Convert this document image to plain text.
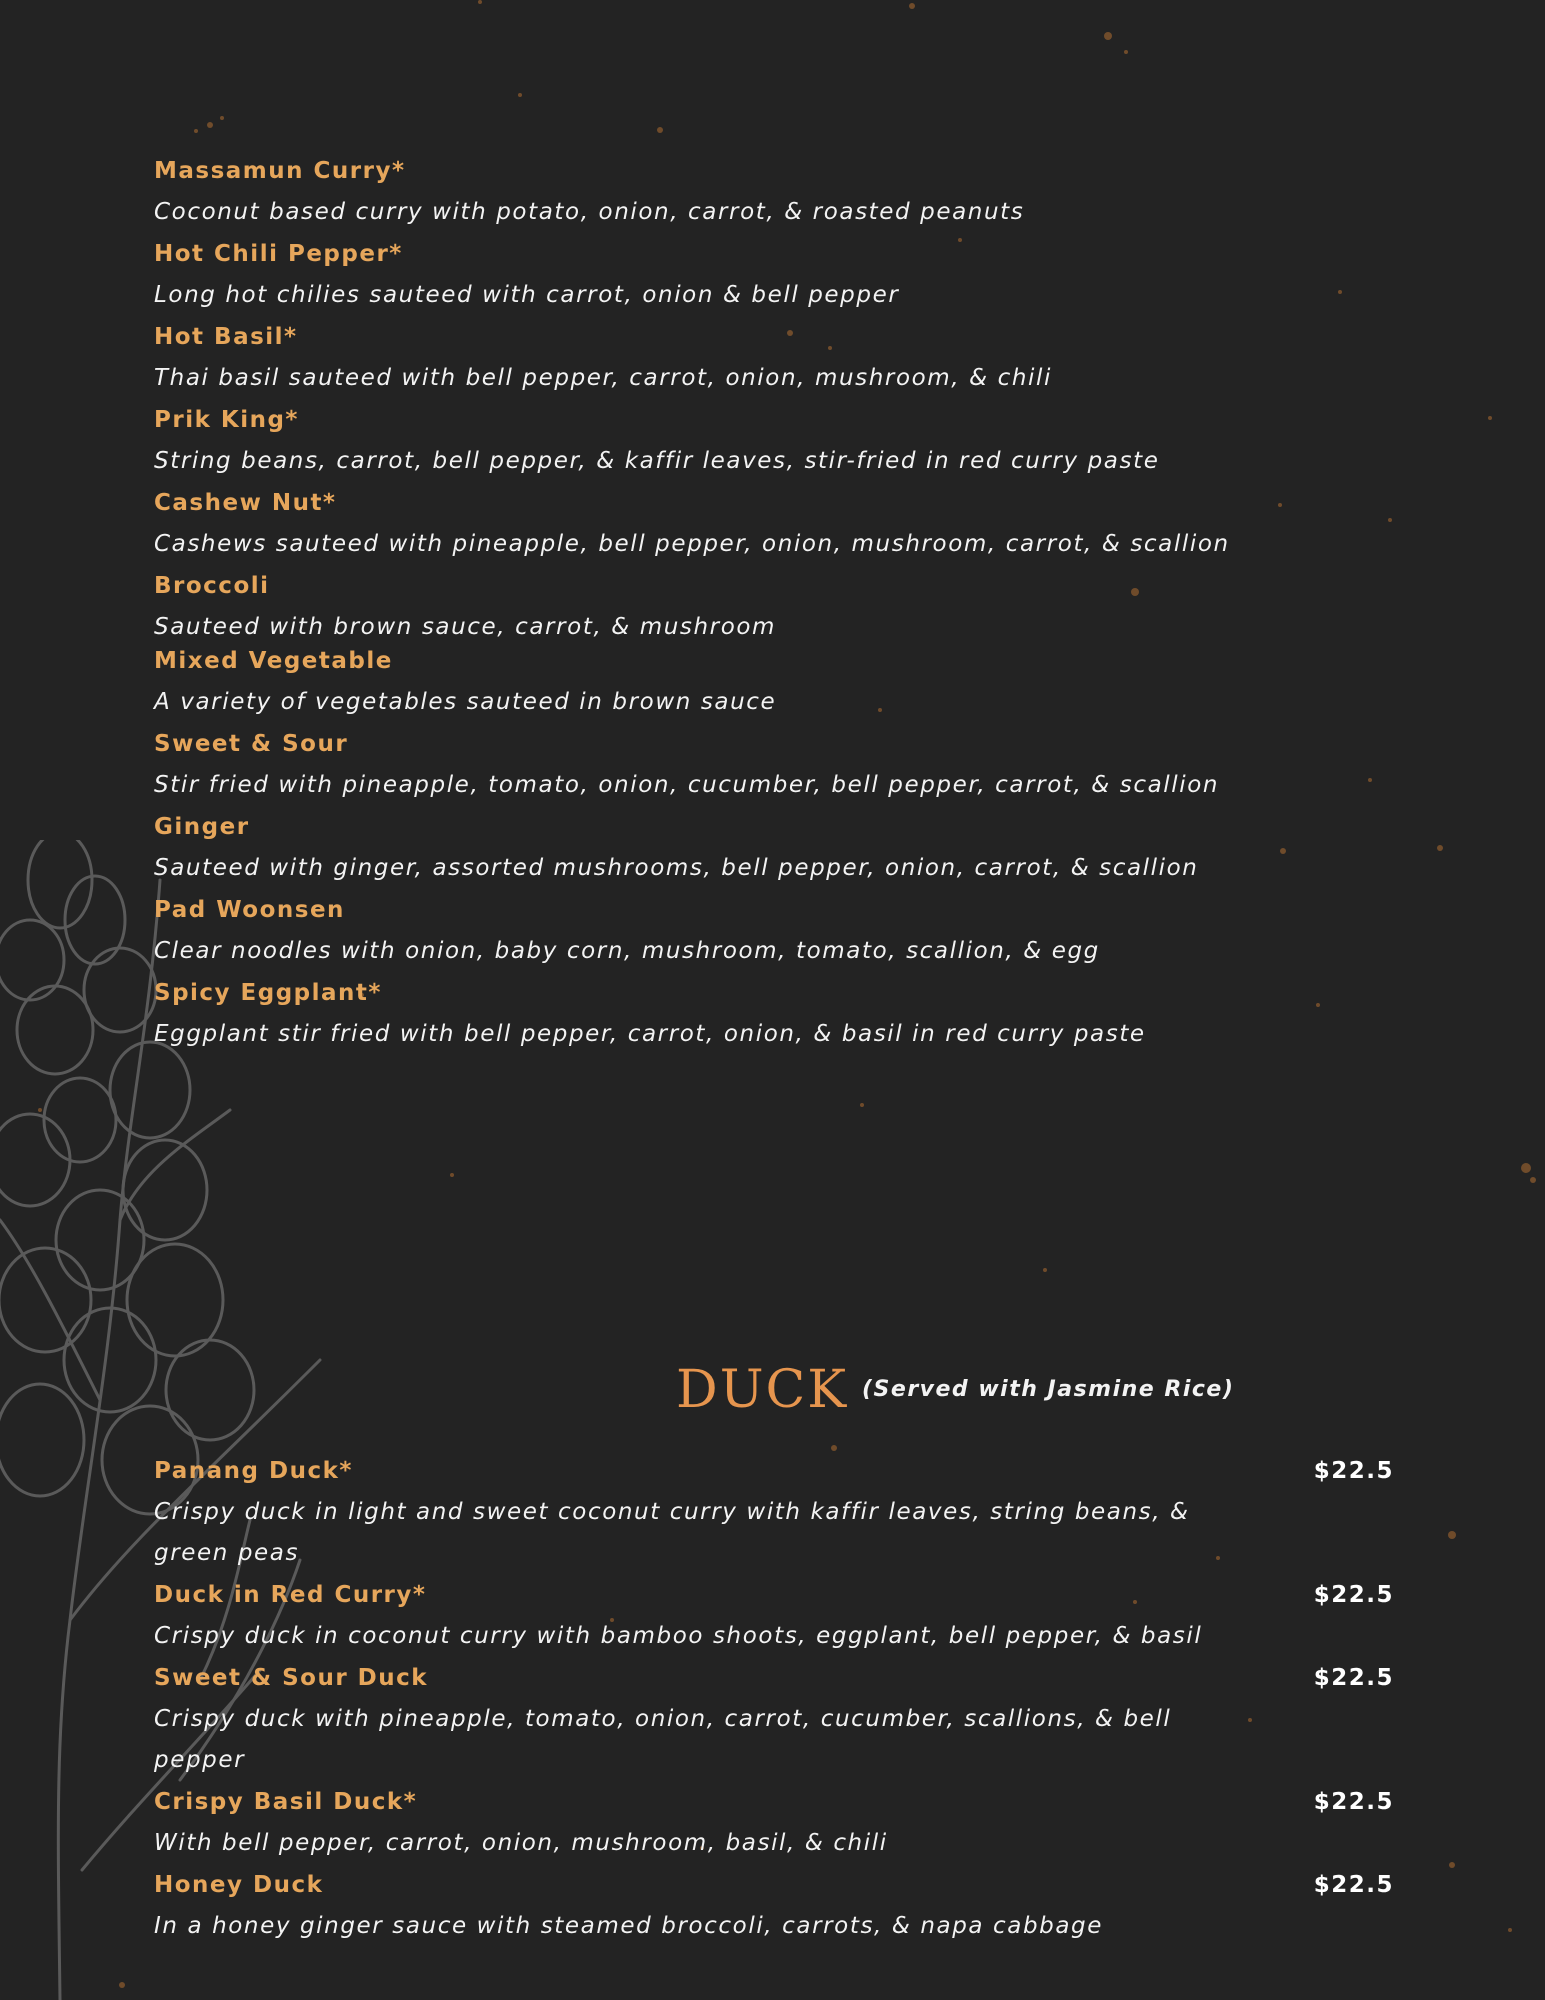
Massamun Curry*
Coconut based curry with potato, onion, carrot, & roasted peanuts
Hot Chili Pepper*
Long hot chilies sauteed with carrot, onion & bell pepper
Hot Basil*
Thai basil sauteed with bell pepper, carrot, onion, mushroom, & chili
Prik King*
String beans, carrot, bell pepper, & kaffir leaves, stir-fried in red curry paste
Cashew Nut*
Cashews sauteed with pineapple, bell pepper, onion, mushroom, carrot, & scallion
Broccoli
Sauteed with brown sauce, carrot, & mushroom
Mixed Vegetable
A variety of vegetables sauteed in brown sauce
Sweet & Sour
Stir fried with pineapple, tomato, onion, cucumber, bell pepper, carrot, & scallion
Ginger
Sauteed with ginger, assorted mushrooms, bell pepper, onion, carrot, & scallion
Pad Woonsen
Clear noodles with onion, baby corn, mushroom, tomato, scallion, & egg
Spicy Eggplant*
Eggplant stir fried with bell pepper, carrot, onion, & basil in red curry paste
DUCK (Served with Jasmine Rice)
Panang Duck*	$22.5
Crispy duck in light and sweet coconut curry with kaffir leaves, string beans, & green peas
Duck in Red Curry*	$22.5
Crispy duck in coconut curry with bamboo shoots, eggplant, bell pepper, & basil
Sweet & Sour Duck	$22.5
Crispy duck with pineapple, tomato, onion, carrot, cucumber, scallions, & bell pepper
Crispy Basil Duck*	$22.5
With bell pepper, carrot, onion, mushroom, basil, & chili
Honey Duck	$22.5
In a honey ginger sauce with steamed broccoli, carrots, & napa cabbage
